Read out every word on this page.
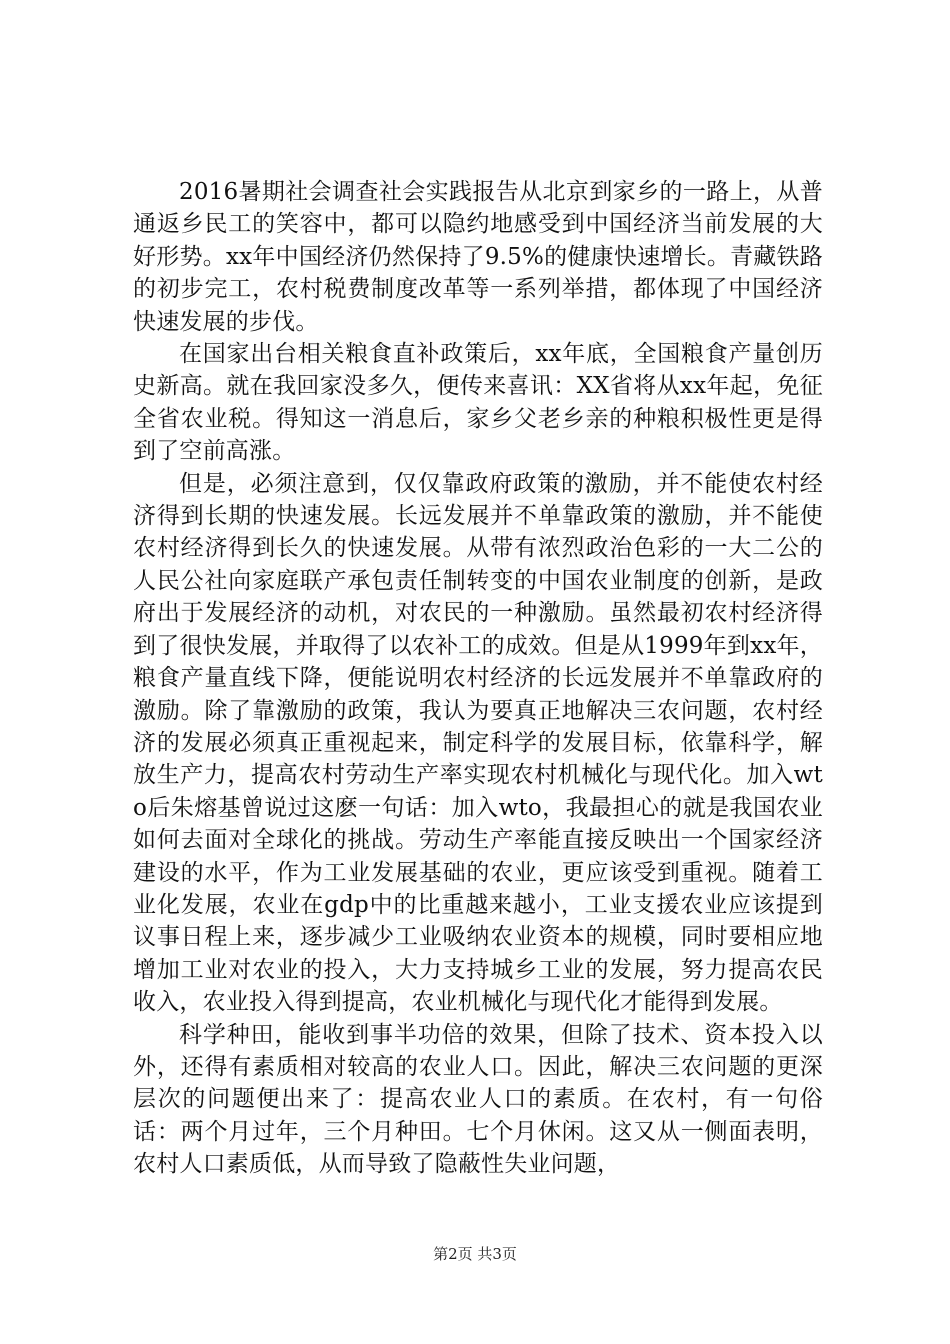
2016暑期社会调查社会实践报告从北京到家乡的一路上，从普通返乡民工的笑容中，都可以隐约地感受到中国经济当前发展的大好形势。xx年中国经济仍然保持了9.5%的健康快速增长。青藏铁路的初步完工，农村税费制度改革等一系列举措，都体现了中国经济快速发展的步伐。

在国家出台相关粮食直补政策后，xx年底，全国粮食产量创历史新高。就在我回家没多久，便传来喜讯：XX省将从xx年起，免征全省农业税。得知这一消息后，家乡父老乡亲的种粮积极性更是得到了空前高涨。

但是，必须注意到，仅仅靠政府政策的激励，并不能使农村经济得到长期的快速发展。长远发展并不单靠政策的激励，并不能使农村经济得到长久的快速发展。从带有浓烈政治色彩的一大二公的人民公社向家庭联产承包责任制转变的中国农业制度的创新，是政府出于发展经济的动机，对农民的一种激励。虽然最初农村经济得到了很快发展，并取得了以农补工的成效。但是从1999年到xx年，粮食产量直线下降，便能说明农村经济的长远发展并不单靠政府的激励。除了靠激励的政策，我认为要真正地解决三农问题，农村经济的发展必须真正重视起来，制定科学的发展目标，依靠科学，解放生产力，提高农村劳动生产率实现农村机械化与现代化。加入wto后朱熔基曾说过这麽一句话：加入wto，我最担心的就是我国农业如何去面对全球化的挑战。劳动生产率能直接反映出一个国家经济建设的水平，作为工业发展基础的农业，更应该受到重视。随着工业化发展，农业在gdp中的比重越来越小，工业支援农业应该提到议事日程上来，逐步减少工业吸纳农业资本的规模，同时要相应地增加工业对农业的投入，大力支持城乡工业的发展，努力提高农民收入，农业投入得到提高，农业机械化与现代化才能得到发展。

科学种田，能收到事半功倍的效果，但除了技术、资本投入以外，还得有素质相对较高的农业人口。因此，解决三农问题的更深层次的问题便出来了：提高农业人口的素质。在农村，有一句俗话：两个月过年，三个月种田。七个月休闲。这又从一侧面表明，农村人口素质低，从而导致了隐蔽性失业问题，

第2页 共3页
